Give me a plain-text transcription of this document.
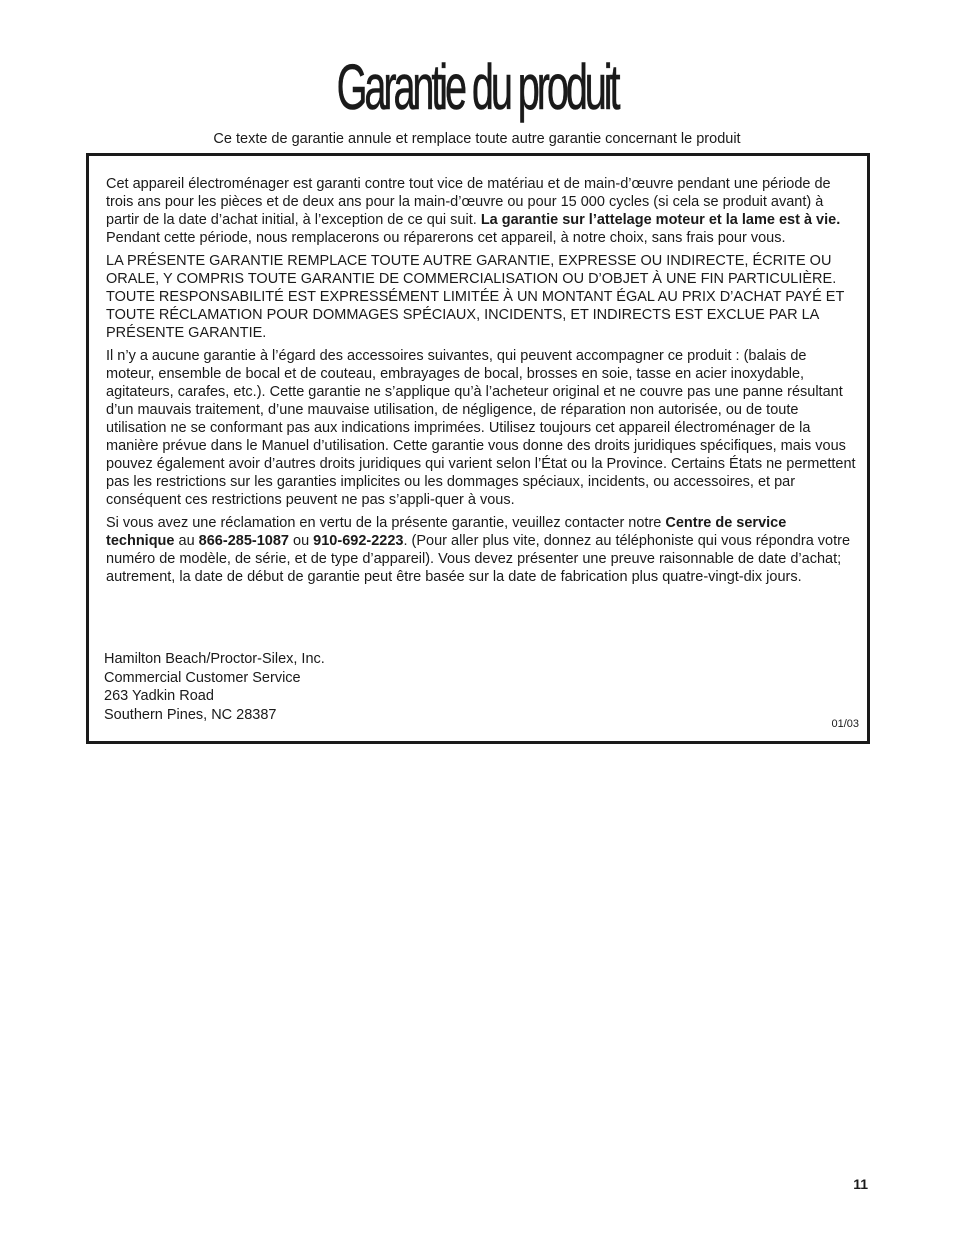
Garantie du produit
Ce texte de garantie annule et remplace toute autre garantie concernant le produit

Cet appareil électroménager est garanti contre tout vice de matériau et de main-d’œuvre pendant une période de trois ans pour les pièces et de deux ans pour la main-d’œuvre ou pour 15 000 cycles (si cela se produit avant) à partir de la date d’achat initial, à l’exception de ce qui suit. La garantie sur l’attelage moteur et la lame est à vie. Pendant cette période, nous remplacerons ou réparerons cet appareil, à notre choix, sans frais pour vous.

LA PRÉSENTE GARANTIE REMPLACE TOUTE AUTRE GARANTIE, EXPRESSE OU INDIRECTE, ÉCRITE OU ORALE, Y COMPRIS TOUTE GARANTIE DE COMMERCIALISATION OU D’OBJET À UNE FIN PARTICULIÈRE. TOUTE RESPONSABILITÉ EST EXPRESSÉMENT LIMITÉE À UN MONTANT ÉGAL AU PRIX D’ACHAT PAYÉ ET TOUTE RÉCLAMATION POUR DOMMAGES SPÉCIAUX, INCIDENTS, ET INDIRECTS EST EXCLUE PAR LA PRÉSENTE GARANTIE.

Il n’y a aucune garantie à l’égard des accessoires suivantes, qui peuvent accompagner ce produit : (balais de moteur, ensemble de bocal et de couteau, embrayages de bocal, brosses en soie, tasse en acier inoxydable, agitateurs, carafes, etc.). Cette garantie ne s’applique qu’à l’acheteur original et ne couvre pas une panne résultant d’un mauvais traitement, d’une mauvaise utilisation, de négligence, de réparation non autorisée, ou de toute utilisation ne se conformant pas aux indications imprimées. Utilisez toujours cet appareil électroménager de la manière prévue dans le Manuel d’utilisation. Cette garantie vous donne des droits juridiques spécifiques, mais vous pouvez également avoir d’autres droits juridiques qui varient selon l’État ou la Province. Certains États ne permettent pas les restrictions sur les garanties implicites ou les dommages spéciaux, incidents, ou accessoires, et par conséquent ces restrictions peuvent ne pas s’appli-quer à vous.

Si vous avez une réclamation en vertu de la présente garantie, veuillez contacter notre Centre de service technique au 866-285-1087 ou 910-692-2223. (Pour aller plus vite, donnez au téléphoniste qui vous répondra votre numéro de modèle, de série, et de type d’appareil). Vous devez présenter une preuve raisonnable de date d’achat; autrement, la date de début de garantie peut être basée sur la date de fabrication plus quatre-vingt-dix jours.

Hamilton Beach/Proctor-Silex, Inc.
Commercial Customer Service
263 Yadkin Road
Southern Pines, NC 28387
01/03
11
